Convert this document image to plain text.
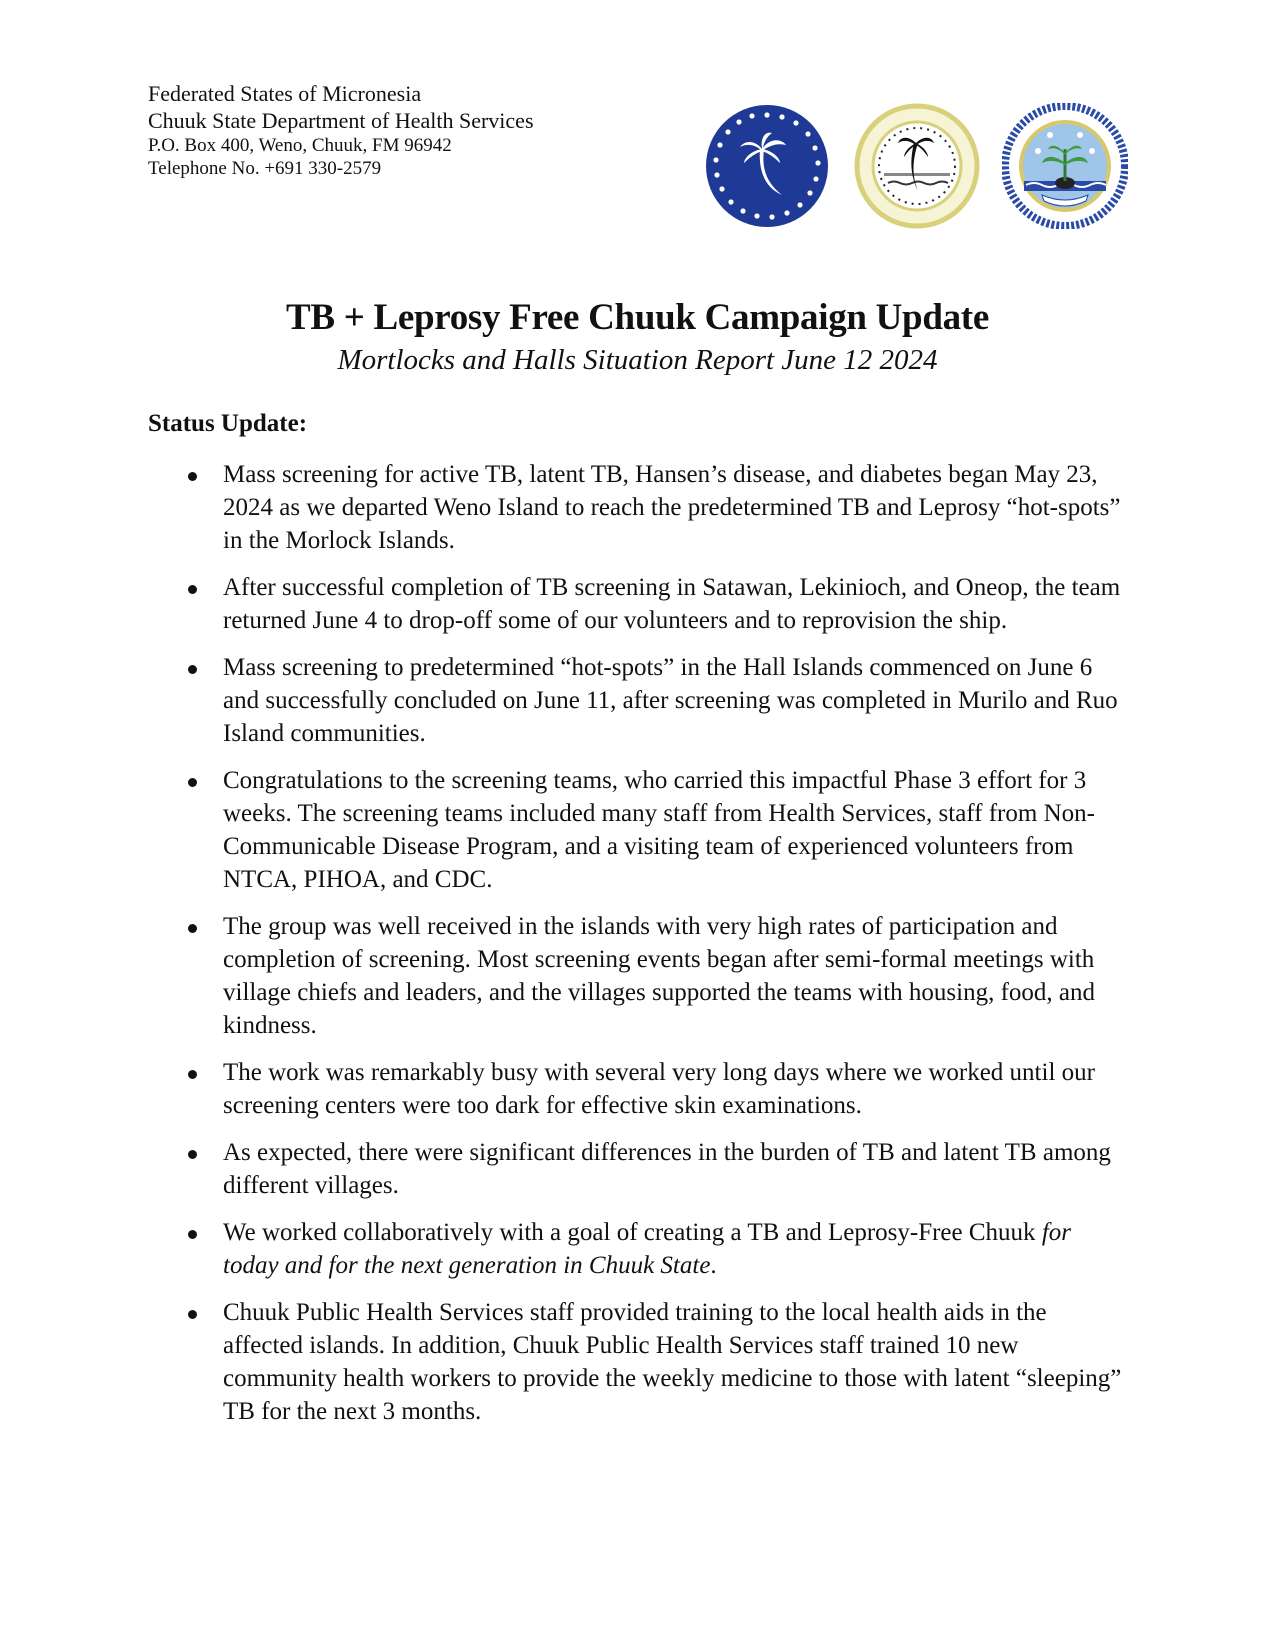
Federated States of Micronesia
Chuuk State Department of Health Services
P.O. Box 400, Weno, Chuuk, FM 96942
Telephone No. +691 330-2579
TB + Leprosy Free Chuuk Campaign Update
Mortlocks and Halls Situation Report June 12 2024
Status Update:
Mass screening for active TB, latent TB, Hansen’s disease, and diabetes began May 23, 2024 as we departed Weno Island to reach the predetermined TB and Leprosy “hot-spots” in the Morlock Islands.
After successful completion of TB screening in Satawan, Lekinioch, and Oneop, the team returned June 4 to drop-off some of our volunteers and to reprovision the ship.
Mass screening to predetermined “hot-spots” in the Hall Islands commenced on June 6 and successfully concluded on June 11, after screening was completed in Murilo and Ruo Island communities.
Congratulations to the screening teams, who carried this impactful Phase 3 effort for 3 weeks. The screening teams included many staff from Health Services, staff from Non-Communicable Disease Program, and a visiting team of experienced volunteers from NTCA, PIHOA, and CDC.
The group was well received in the islands with very high rates of participation and completion of screening. Most screening events began after semi-formal meetings with village chiefs and leaders, and the villages supported the teams with housing, food, and kindness.
The work was remarkably busy with several very long days where we worked until our screening centers were too dark for effective skin examinations.
As expected, there were significant differences in the burden of TB and latent TB among different villages.
We worked collaboratively with a goal of creating a TB and Leprosy-Free Chuuk for today and for the next generation in Chuuk State.
Chuuk Public Health Services staff provided training to the local health aids in the affected islands. In addition, Chuuk Public Health Services staff trained 10 new community health workers to provide the weekly medicine to those with latent “sleeping” TB for the next 3 months.
